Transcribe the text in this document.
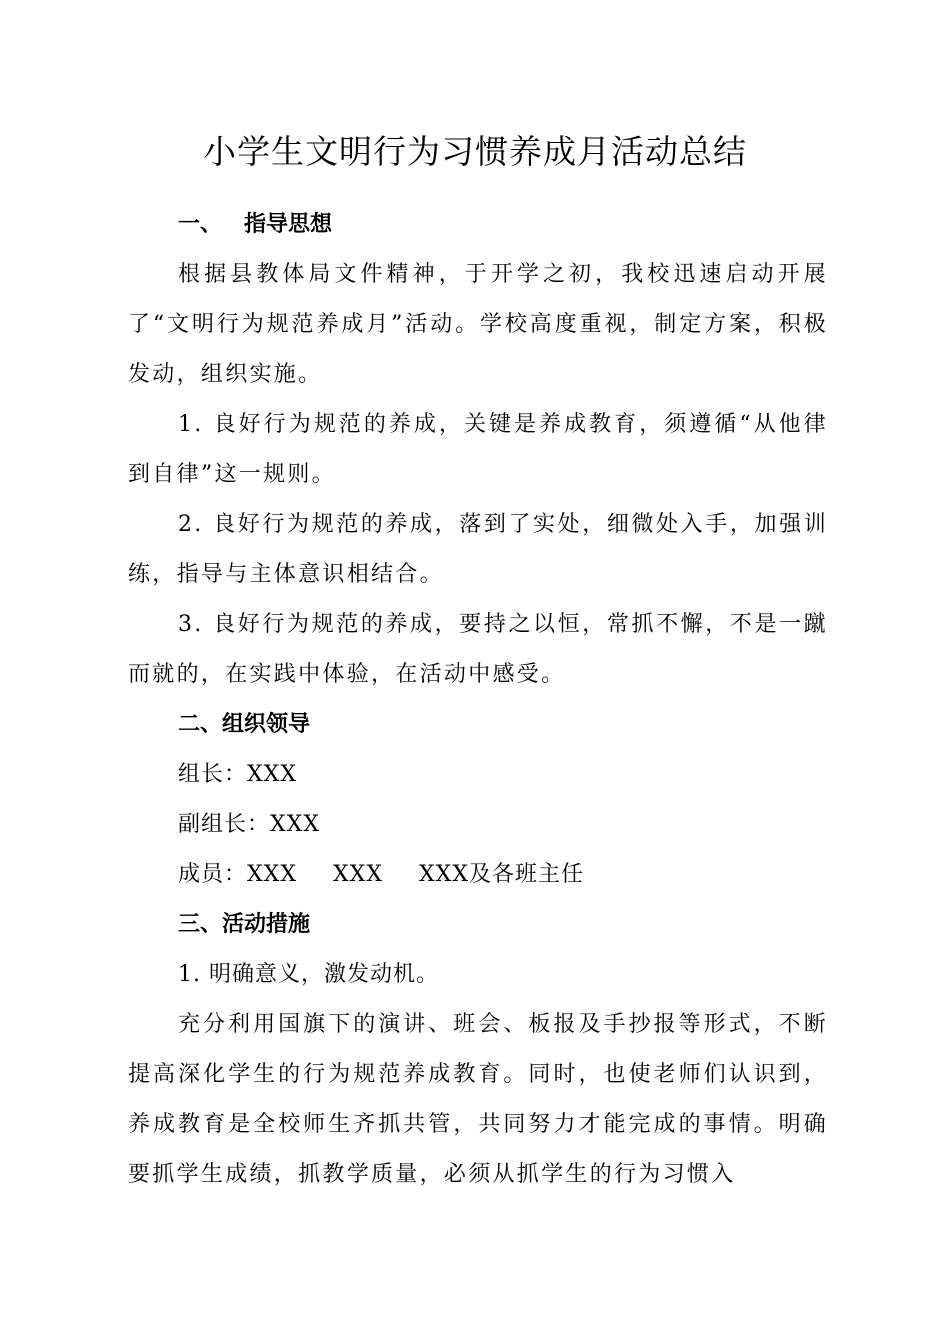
小学生文明行为习惯养成月活动总结
一、 指导思想

根据县教体局文件精神，于开学之初，我校迅速启动开展了“文明行为规范养成月”活动。学校高度重视，制定方案，积极发动，组织实施。

1. 良好行为规范的养成，关键是养成教育，须遵循“从他律到自律”这一规则。

2. 良好行为规范的养成，落到了实处，细微处入手，加强训练，指导与主体意识相结合。

3. 良好行为规范的养成，要持之以恒，常抓不懈，不是一蹴而就的，在实践中体验，在活动中感受。

二、组织领导
组长：XXX
副组长：XXX
成员：XXX XXX XXX及各班主任
三、活动措施
1. 明确意义，激发动机。

充分利用国旗下的演讲、班会、板报及手抄报等形式，不断提高深化学生的行为规范养成教育。同时，也使老师们认识到，养成教育是全校师生齐抓共管，共同努力才能完成的事情。明确要抓学生成绩，抓教学质量，必须从抓学生的行为习惯入
